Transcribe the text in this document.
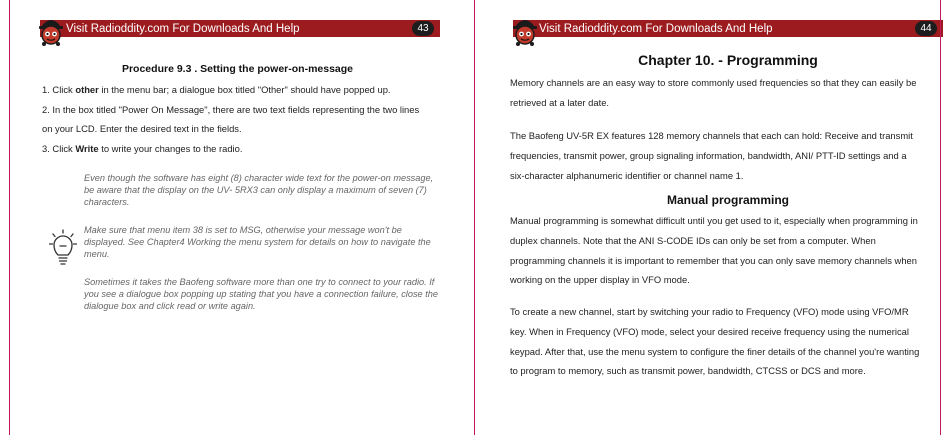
Visit Radioddity.com For Downloads And Help	43
Procedure 9.3 . Setting the power-on-message
1. Click other in the menu bar; a dialogue box titled "Other" should have popped up.
2. In the box titled "Power On Message", there are two text fields representing the two lines
on your LCD. Enter the desired text in the fields.
3. Click Write to write your changes to the radio.

Even though the software has eight (8) character wide text for the power-on message, be aware that the display on the UV- 5RX3 can only display a maximum of seven (7) characters.

Make sure that menu item 38 is set to MSG, otherwise your message won't be displayed. See Chapter4 Working the menu system for details on how to navigate the menu.

Sometimes it takes the Baofeng software more than one try to connect to your radio. If you see a dialogue box popping up stating that you have a connection failure, close the dialogue box and click read or write again.

Visit Radioddity.com For Downloads And Help	44
Chapter 10. - Programming

Memory channels are an easy way to store commonly used frequencies so that they can easily be retrieved at a later date.

The Baofeng UV-5R EX features 128 memory channels that each can hold: Receive and transmit frequencies, transmit power, group signaling information, bandwidth, ANI/ PTT-ID settings and a six-character alphanumeric identifier or channel name 1.

Manual programming

Manual programming is somewhat difficult until you get used to it, especially when programming in duplex channels. Note that the ANI S-CODE IDs can only be set from a computer. When programming channels it is important to remember that you can only save memory channels when working on the upper display in VFO mode.

To create a new channel, start by switching your radio to Frequency (VFO) mode using VFO/MR key. When in Frequency (VFO) mode, select your desired receive frequency using the numerical keypad. After that, use the menu system to configure the finer details of the channel you're wanting to program to memory, such as transmit power, bandwidth, CTCSS or DCS and more.
